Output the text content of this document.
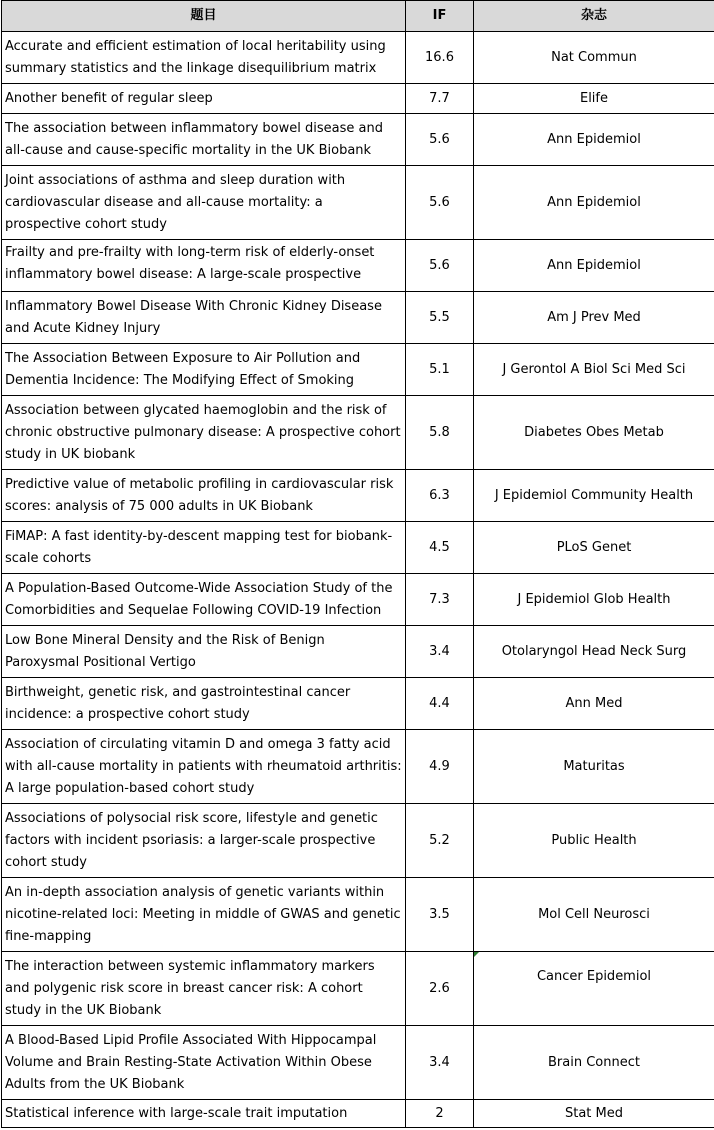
题目	IF	杂志
Accurate and efficient estimation of local heritability using summary statistics and the linkage disequilibrium matrix	16.6	Nat Commun
Another benefit of regular sleep	7.7	Elife
The association between inflammatory bowel disease and all-cause and cause-specific mortality in the UK Biobank	5.6	Ann Epidemiol
Joint associations of asthma and sleep duration with cardiovascular disease and all-cause mortality: a prospective cohort study	5.6	Ann Epidemiol

Frailty and pre-frailty with long-term risk of elderly-onset inflammatory bowel disease: A large-scale prospective	5.6	Ann Epidemiol
Inflammatory Bowel Disease With Chronic Kidney Disease and Acute Kidney Injury	5.5	Am J Prev Med
The Association Between Exposure to Air Pollution and Dementia Incidence: The Modifying Effect of Smoking	5.1	J Gerontol A Biol Sci Med Sci
Association between glycated haemoglobin and the risk of chronic obstructive pulmonary disease: A prospective cohort study in UK biobank	5.8	Diabetes Obes Metab
Predictive value of metabolic profiling in cardiovascular risk scores: analysis of 75 000 adults in UK Biobank	6.3	J Epidemiol Community Health
FiMAP: A fast identity-by-descent mapping test for biobank-scale cohorts	4.5	PLoS Genet
A Population-Based Outcome-Wide Association Study of the Comorbidities and Sequelae Following COVID-19 Infection	7.3	J Epidemiol Glob Health
Low Bone Mineral Density and the Risk of Benign Paroxysmal Positional Vertigo	3.4	Otolaryngol Head Neck Surg
Birthweight, genetic risk, and gastrointestinal cancer incidence: a prospective cohort study	4.4	Ann Med
Association of circulating vitamin D and omega 3 fatty acid with all-cause mortality in patients with rheumatoid arthritis: A large population-based cohort study	4.9	Maturitas
Associations of polysocial risk score, lifestyle and genetic factors with incident psoriasis: a larger-scale prospective cohort study	5.2	Public Health
An in-depth association analysis of genetic variants within nicotine-related loci: Meeting in middle of GWAS and genetic fine-mapping	3.5	Mol Cell Neurosci
The interaction between systemic inflammatory markers and polygenic risk score in breast cancer risk: A cohort study in the UK Biobank	2.6	Cancer Epidemiol
A Blood-Based Lipid Profile Associated With Hippocampal Volume and Brain Resting-State Activation Within Obese Adults from the UK Biobank	3.4	Brain Connect
Statistical inference with large-scale trait imputation	2	Stat Med
